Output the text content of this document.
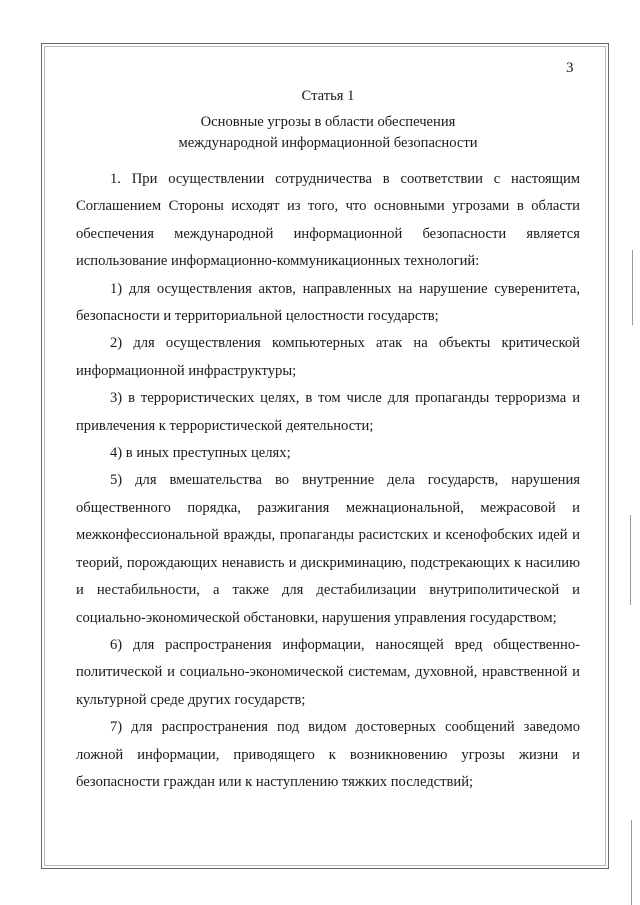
3

Статья 1

Основные угрозы в области обеспечения

международной информационной безопасности

1. При осуществлении сотрудничества в соответствии с настоящим Соглашением Стороны исходят из того, что основными угрозами в области обеспечения международной информационной безопасности является использование информационно-коммуникационных технологий:

1) для осуществления актов, направленных на нарушение суверенитета, безопасности и территориальной целостности государств;

2) для осуществления компьютерных атак на объекты критической информационной инфраструктуры;

3) в террористических целях, в том числе для пропаганды терроризма и привлечения к террористической деятельности;

4) в иных преступных целях;

5) для вмешательства во внутренние дела государств, нарушения общественного порядка, разжигания межнациональной, межрасовой и межконфессиональной вражды, пропаганды расистских и ксенофобских идей и теорий, порождающих ненависть и дискриминацию, подстрекающих к насилию и нестабильности, а также для дестабилизации внутриполитической и социально-экономической обстановки, нарушения управления государством;

6) для распространения информации, наносящей вред общественно-политической и социально-экономической системам, духовной, нравственной и культурной среде других государств;

7) для распространения под видом достоверных сообщений заведомо ложной информации, приводящего к возникновению угрозы жизни и безопасности граждан или к наступлению тяжких последствий;
